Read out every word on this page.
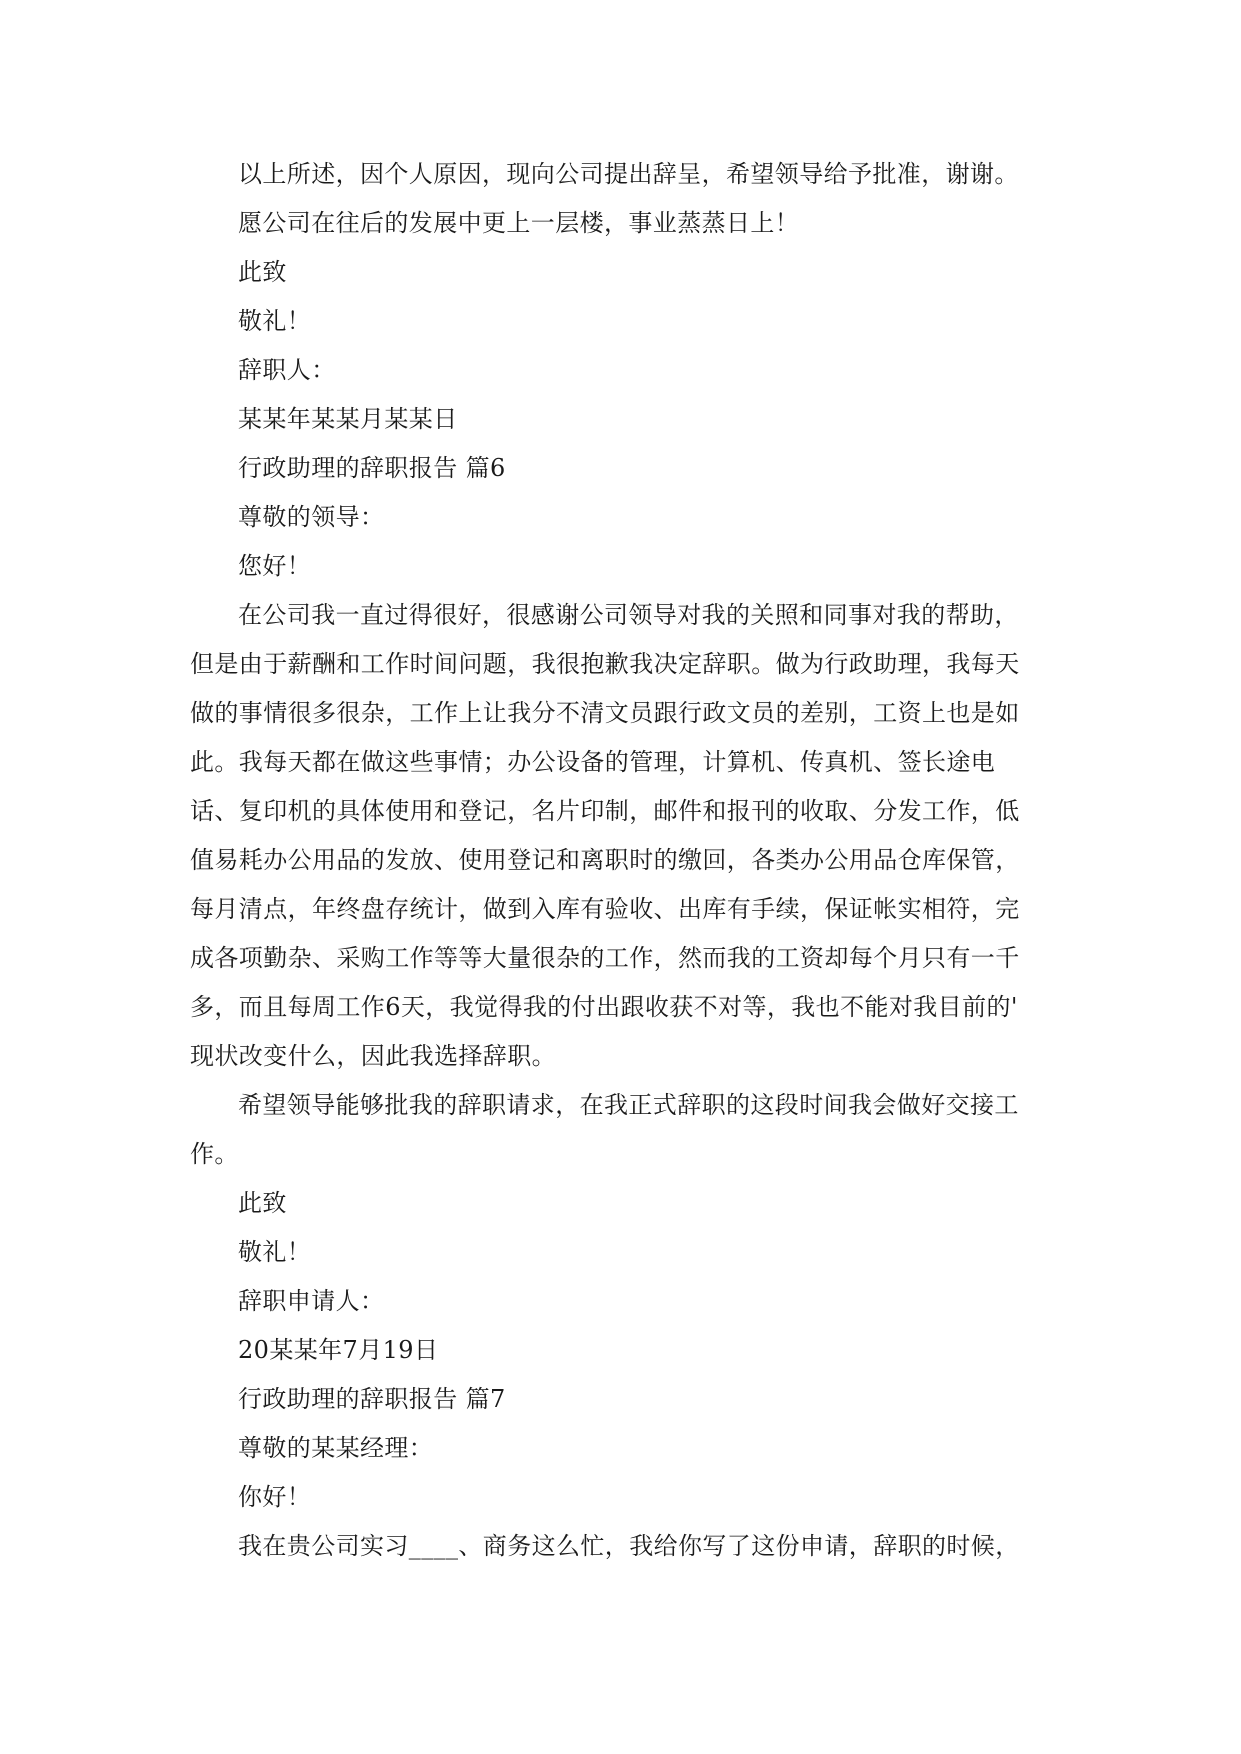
以上所述，因个人原因，现向公司提出辞呈，希望领导给予批准，谢谢。
愿公司在往后的发展中更上一层楼，事业蒸蒸日上！
此致
敬礼！
辞职人：
某某年某某月某某日
行政助理的辞职报告 篇6
尊敬的领导：
您好！
在公司我一直过得很好，很感谢公司领导对我的关照和同事对我的帮助，
但是由于薪酬和工作时间问题，我很抱歉我决定辞职。做为行政助理，我每天
做的事情很多很杂，工作上让我分不清文员跟行政文员的差别，工资上也是如
此。我每天都在做这些事情；办公设备的管理，计算机、传真机、签长途电
话、复印机的具体使用和登记，名片印制，邮件和报刊的收取、分发工作，低
值易耗办公用品的发放、使用登记和离职时的缴回，各类办公用品仓库保管，
每月清点，年终盘存统计，做到入库有验收、出库有手续，保证帐实相符，完
成各项勤杂、采购工作等等大量很杂的工作，然而我的工资却每个月只有一千
多，而且每周工作6天，我觉得我的付出跟收获不对等，我也不能对我目前的'
现状改变什么，因此我选择辞职。
希望领导能够批我的辞职请求，在我正式辞职的这段时间我会做好交接工
作。
此致
敬礼！
辞职申请人：
20某某年7月19日
行政助理的辞职报告 篇7
尊敬的某某经理：
你好！
我在贵公司实习____、商务这么忙，我给你写了这份申请，辞职的时候，
